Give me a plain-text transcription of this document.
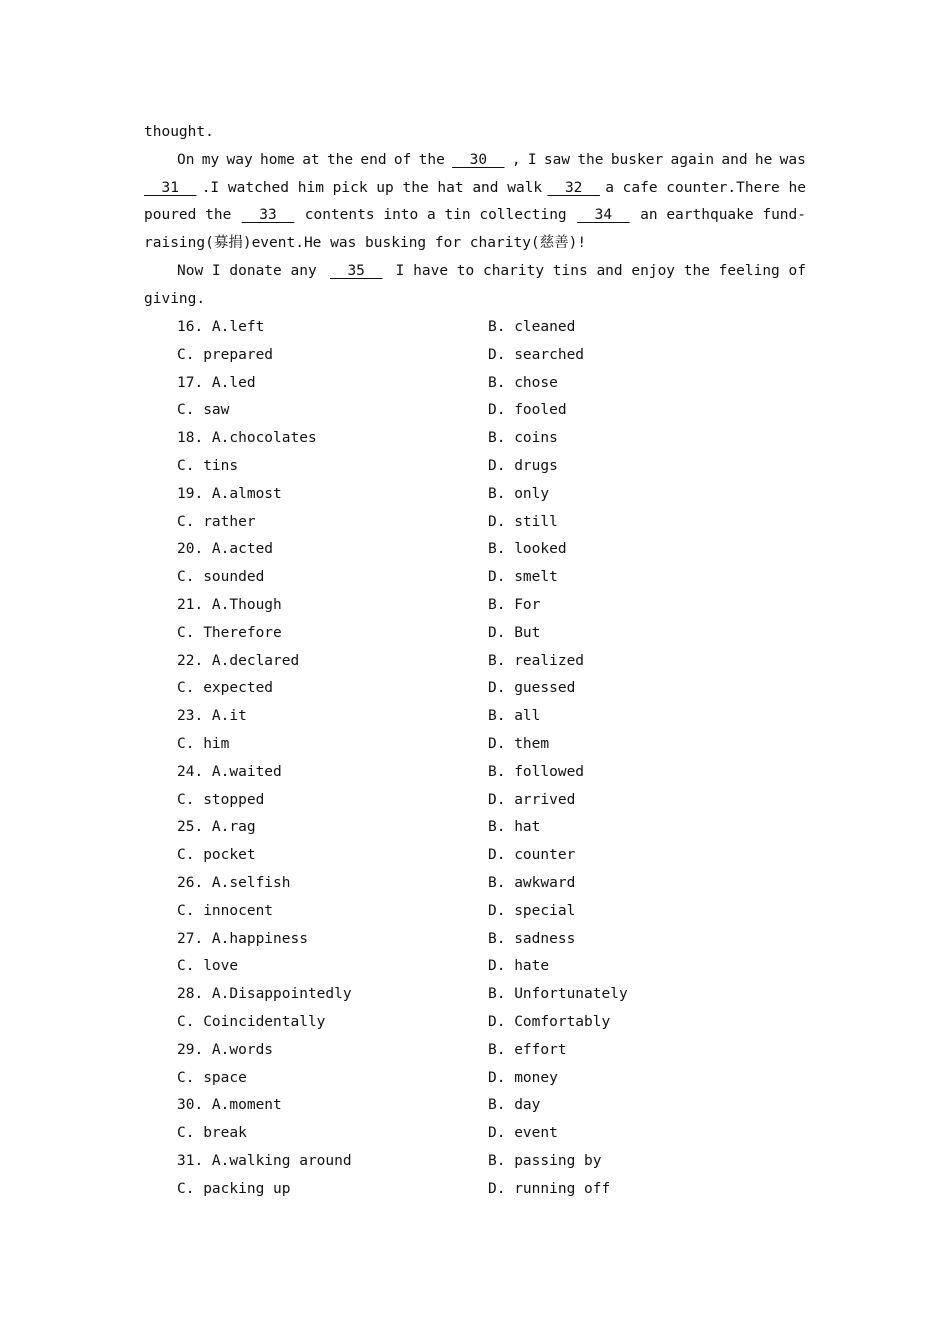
thought.
On my way home at the end of the __30__ , I saw the busker again and he was
__31__ .I watched him pick up the hat and walk __32__ a cafe counter.There he
poured the __33__ contents into a tin collecting __34__ an earthquake fund-
raising(募捐)event.He was busking for charity(慈善)!
Now I donate any __35__ I have to charity tins and enjoy the feeling of
giving.
16. A.left	B. cleaned
C. prepared	D. searched
17. A.led	B. chose
C. saw	D. fooled
18. A.chocolates	B. coins
C. tins	D. drugs
19. A.almost	B. only
C. rather	D. still
20. A.acted	B. looked
C. sounded	D. smelt
21. A.Though	B. For
C. Therefore	D. But
22. A.declared	B. realized
C. expected	D. guessed
23. A.it	B. all
C. him	D. them
24. A.waited	B. followed
C. stopped	D. arrived
25. A.rag	B. hat
C. pocket	D. counter
26. A.selfish	B. awkward
C. innocent	D. special
27. A.happiness	B. sadness
C. love	D. hate
28. A.Disappointedly	B. Unfortunately
C. Coincidentally	D. Comfortably
29. A.words	B. effort
C. space	D. money
30. A.moment	B. day
C. break	D. event
31. A.walking around	B. passing by
C. packing up	D. running off
